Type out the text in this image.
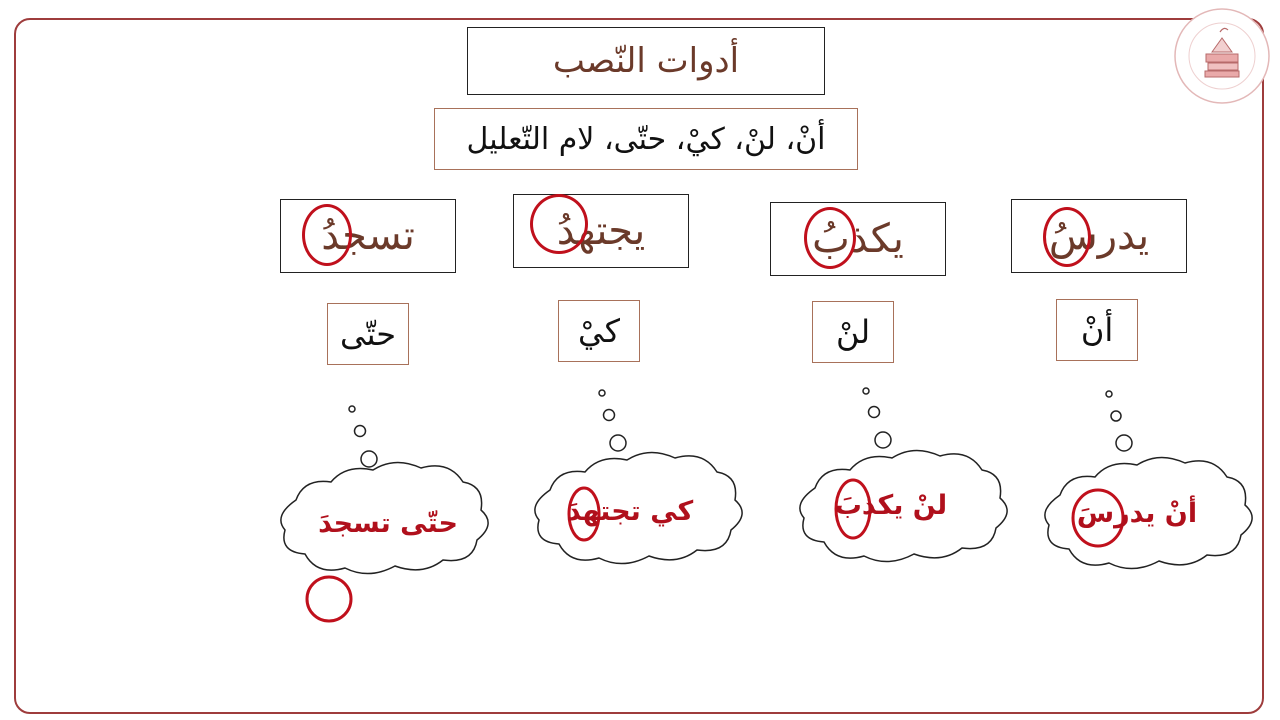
أدوات النّصب
أنْ، لنْ، كيْ، حتّى، لام التّعليل
يدرسُ
يكذبُ
يجتهدُ
تسجدُ
أنْ
لنْ
كيْ
حتّى
أنْ يدرسَ
لنْ يكذبَ
كي تجتهدَ
حتّى تسجدَ
